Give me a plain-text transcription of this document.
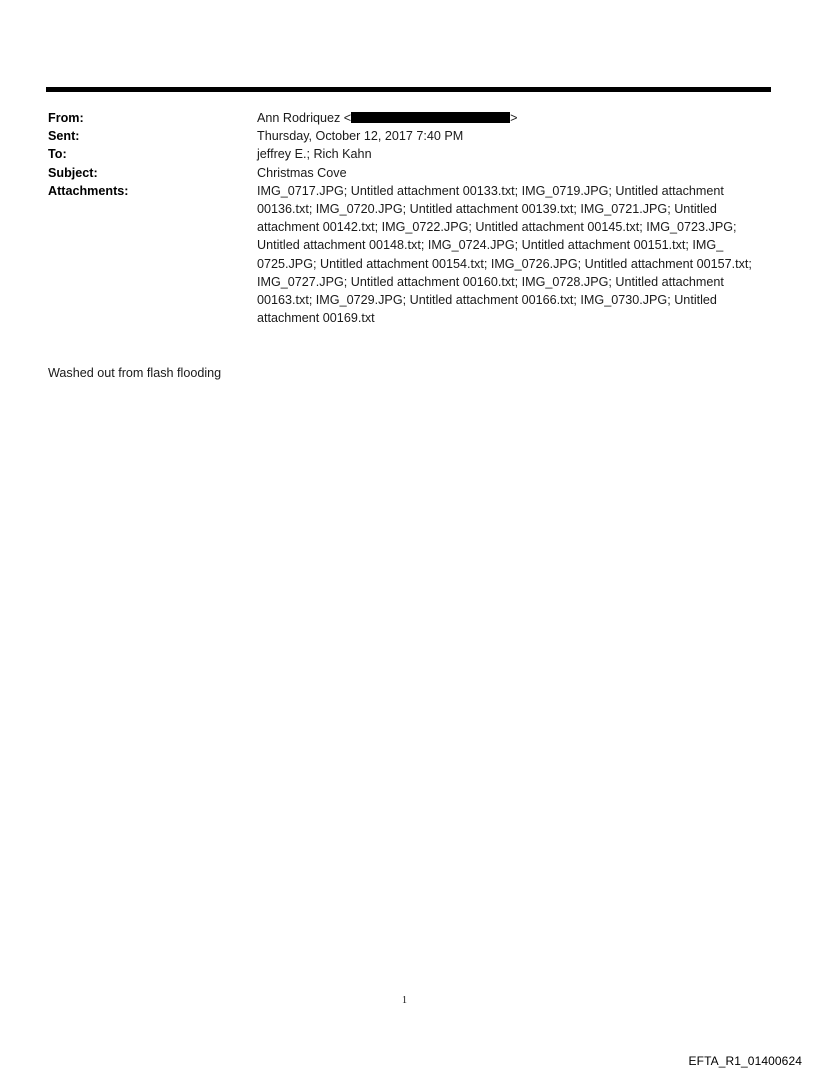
From:	Ann Rodriquez <	>
Sent:	Thursday, October 12, 2017 7:40 PM
To:	jeffrey E.; Rich Kahn
Subject:	Christmas Cove
Attachments:	IMG_0717.JPG; Untitled attachment 00133.txt; IMG_0719.JPG; Untitled attachment 00136.txt; IMG_0720.JPG; Untitled attachment 00139.txt; IMG_0721.JPG; Untitled attachment 00142.txt; IMG_0722.JPG; Untitled attachment 00145.txt; IMG_0723.JPG; Untitled attachment 00148.txt; IMG_0724.JPG; Untitled attachment 00151.txt; IMG_ 0725.JPG; Untitled attachment 00154.txt; IMG_0726.JPG; Untitled attachment 00157.txt; IMG_0727.JPG; Untitled attachment 00160.txt; IMG_0728.JPG; Untitled attachment 00163.txt; IMG_0729.JPG; Untitled attachment 00166.txt; IMG_0730.JPG; Untitled attachment 00169.txt
Washed out from flash flooding
1
EFTA_R1_01400624
